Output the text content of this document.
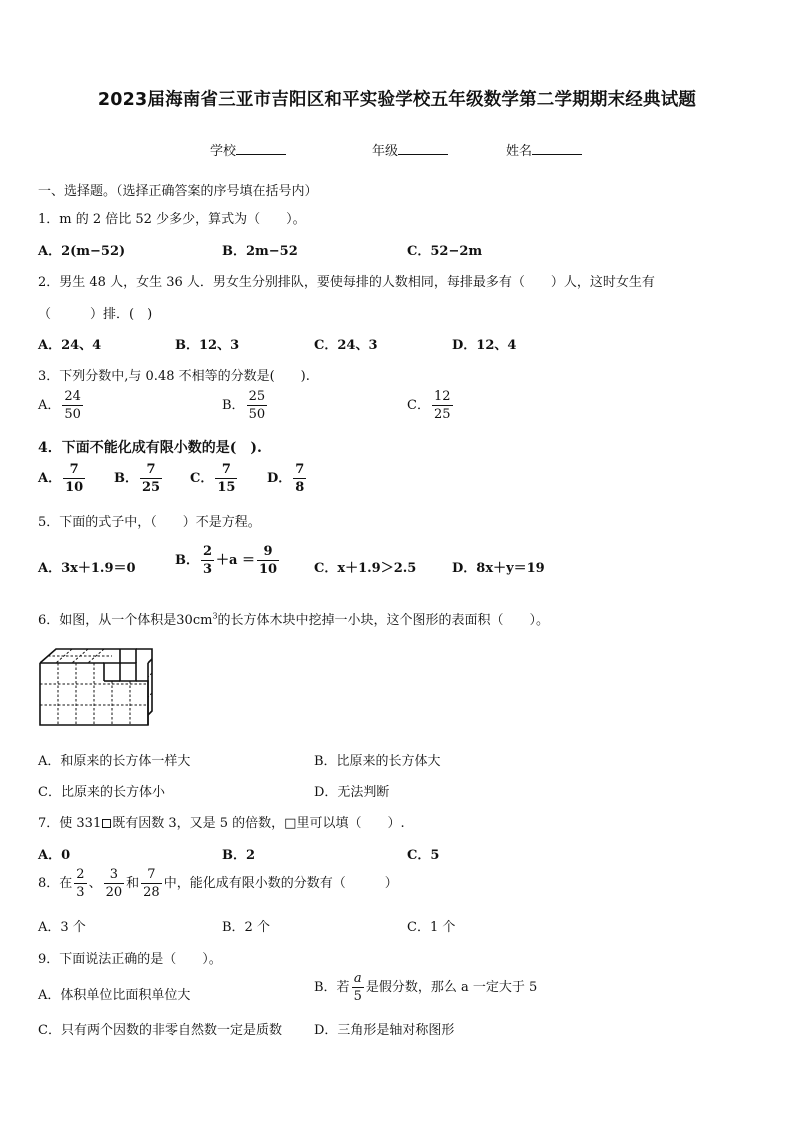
2023届海南省三亚市吉阳区和平实验学校五年级数学第二学期期末经典试题
学校	年级	姓名
一、选择题。（选择正确答案的序号填在括号内）
1．m 的 2 倍比 52 少多少，算式为（　　）。
A．2(m−52)	B．2m−52	C．52−2m
2．男生 48 人，女生 36 人．男女生分别排队，要使每排的人数相同，每排最多有（　　）人，这时女生有
（　　　）排．(　)
A．24、4	B．12、3	C．24、3	D．12、4
3．下列分数中,与 0.48 不相等的分数是(　　).
A． $\frac{24}{50}$	B． $\frac{25}{50}$	C． $\frac{12}{25}$
4．下面不能化成有限小数的是(　).
A． $\frac{7}{10}$ B． $\frac{7}{25}$ C． $\frac{7}{15}$ D． $\frac{7}{8}$
5．下面的式子中，（　　）不是方程。
A．3x＋1.9＝0
B． $\frac{2}{3} +a = \frac{9}{10}$	C．x＋1.9＞2.5	D．8x＋y＝19
6．如图，从一个体积是$30cm^3$的长方体木块中挖掉一小块，这个图形的表面积（　　）。
A．和原来的长方体一样大	B．比原来的长方体大
C．比原来的长方体小	D．无法判断
7．使 331 既有因数 3，又是 5 的倍数，□里可以填（　　）.
A．0	B．2	C．5
8．在 $\frac{2}{3}$ 、 $\frac{3}{20}$ 和 $\frac{7}{28}$ 中，能化成有限小数的分数有（　　　）
A．3 个	B．2 个	C．1 个
9．下面说法正确的是（　　）。
A．体积单位比面积单位大
B．若 $\frac{a}{5}$ 是假分数，那么 a 一定大于 5
C．只有两个因数的非零自然数一定是质数 D．三角形是轴对称图形
